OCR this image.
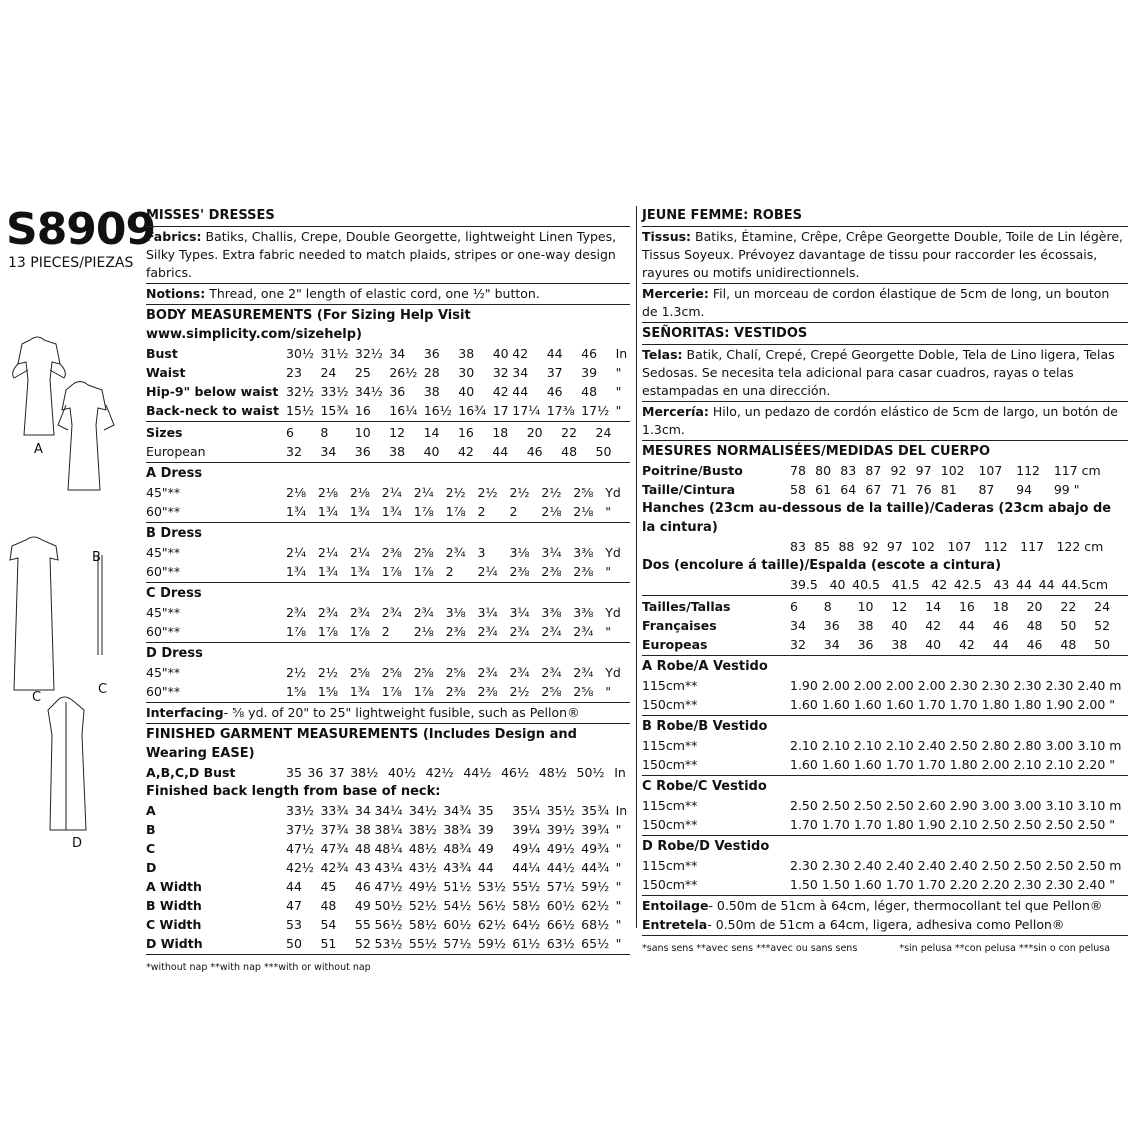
S8909
13 PIECES/PIEZAS
A
B
C
C
D
MISSES' DRESSES
Fabrics: Batiks, Challis, Crepe, Double Georgette, lightweight Linen Types, Silky Types. Extra fabric needed to match plaids, stripes or one-way design fabrics.
Notions: Thread, one 2" length of elastic cord, one ½" button.
BODY MEASUREMENTS (For Sizing Help Visit www.simplicity.com/sizehelp)
Bust	30½	31½	32½	34	36	38	40	42	44	46	In
Waist	23	24	25	26½	28	30	32	34	37	39	"
Hip-9" below waist	32½	33½	34½	36	38	40	42	44	46	48	"
Back-neck to waist	15½	15¾	16	16¼	16½	16¾	17	17¼	17⅜	17½	"
Sizes	6	8	10	12	14	16	18	20	22	24	
European	32	34	36	38	40	42	44	46	48	50	
A Dress
45"**	2⅛	2⅛	2⅛	2¼	2¼	2½	2½	2½	2½	2⅝	Yd
60"**	1¾	1¾	1¾	1¾	1⅞	1⅞	2	2	2⅛	2⅛	"
B Dress
45"**	2¼	2¼	2¼	2⅜	2⅝	2¾	3	3⅛	3¼	3⅜	Yd
60"**	1¾	1¾	1¾	1⅞	1⅞	2	2¼	2⅜	2⅜	2⅜	"
C Dress
45"**	2¾	2¾	2¾	2¾	2¾	3⅛	3¼	3¼	3⅜	3⅜	Yd
60"**	1⅞	1⅞	1⅞	2	2⅛	2⅜	2¾	2¾	2¾	2¾	"
D Dress
45"**	2½	2½	2⅝	2⅝	2⅝	2⅝	2¾	2¾	2¾	2¾	Yd
60"**	1⅝	1⅝	1¾	1⅞	1⅞	2⅜	2⅜	2½	2⅝	2⅝	"
Interfacing- ⅝ yd. of 20" to 25" lightweight fusible, such as Pellon®
FINISHED GARMENT MEASUREMENTS (Includes Design and Wearing EASE)
A,B,C,D Bust	35	36	37	38½	40½	42½	44½	46½	48½	50½	In
Finished back length from base of neck:
A	33½	33¾	34	34¼	34½	34¾	35	35¼	35½	35¾	In
B	37½	37¾	38	38¼	38½	38¾	39	39¼	39½	39¾	"
C	47½	47¾	48	48¼	48½	48¾	49	49¼	49½	49¾	"
D	42½	42¾	43	43¼	43½	43¾	44	44¼	44½	44¾	"
A Width	44	45	46	47½	49½	51½	53½	55½	57½	59½	"
B Width	47	48	49	50½	52½	54½	56½	58½	60½	62½	"
C Width	53	54	55	56½	58½	60½	62½	64½	66½	68½	"
D Width	50	51	52	53½	55½	57½	59½	61½	63½	65½	"
*without nap **with nap ***with or without nap
JEUNE FEMME: ROBES
Tissus: Batiks, Étamine, Crêpe, Crêpe Georgette Double, Toile de Lin légère, Tissus Soyeux. Prévoyez davantage de tissu pour raccorder les écossais, rayures ou motifs unidirectionnels.
Mercerie: Fil, un morceau de cordon élastique de 5cm de long, un bouton de 1.3cm.
SEÑORITAS: VESTIDOS
Telas: Batik, Chalí, Crepé, Crepé Georgette Doble, Tela de Lino ligera, Telas Sedosas. Se necesita tela adicional para casar cuadros, rayas o telas estampadas en una dirección.
Mercería: Hilo, un pedazo de cordón elástico de 5cm de largo, un botón de 1.3cm.
MESURES NORMALISÉES/MEDIDAS DEL CUERPO
Poitrine/Busto	78	80	83	87	92	97	102	107	112	117 cm
Taille/Cintura	58	61	64	67	71	76	81	87	94	99 "
Hanches (23cm au-dessous de la taille)/Caderas (23cm abajo de la cintura)
	83	85	88	92	97	102	107	112	117	122 cm
Dos (encolure á taille)/Espalda (escote a cintura)
	39.5	40	40.5	41.5	42	42.5	43	44	44	44.5cm
Tailles/Tallas	6	8	10	12	14	16	18	20	22	24
Françaises	34	36	38	40	42	44	46	48	50	52
Europeas	32	34	36	38	40	42	44	46	48	50
A Robe/A Vestido
115cm**	1.90	2.00	2.00	2.00	2.00	2.30	2.30	2.30	2.30	2.40 m
150cm**	1.60	1.60	1.60	1.60	1.70	1.70	1.80	1.80	1.90	2.00 "
B Robe/B Vestido
115cm**	2.10	2.10	2.10	2.10	2.40	2.50	2.80	2.80	3.00	3.10 m
150cm**	1.60	1.60	1.60	1.70	1.70	1.80	2.00	2.10	2.10	2.20 "
C Robe/C Vestido
115cm**	2.50	2.50	2.50	2.50	2.60	2.90	3.00	3.00	3.10	3.10 m
150cm**	1.70	1.70	1.70	1.80	1.90	2.10	2.50	2.50	2.50	2.50 "
D Robe/D Vestido
115cm**	2.30	2.30	2.40	2.40	2.40	2.40	2.50	2.50	2.50	2.50 m
150cm**	1.50	1.50	1.60	1.70	1.70	2.20	2.20	2.30	2.30	2.40 "
Entoilage- 0.50m de 51cm à 64cm, léger, thermocollant tel que Pellon®
Entretela- 0.50m de 51cm a 64cm, ligera, adhesiva como Pellon®
*sans sens **avec sens ***avec ou sans sens	*sin pelusa **con pelusa ***sin o con pelusa
